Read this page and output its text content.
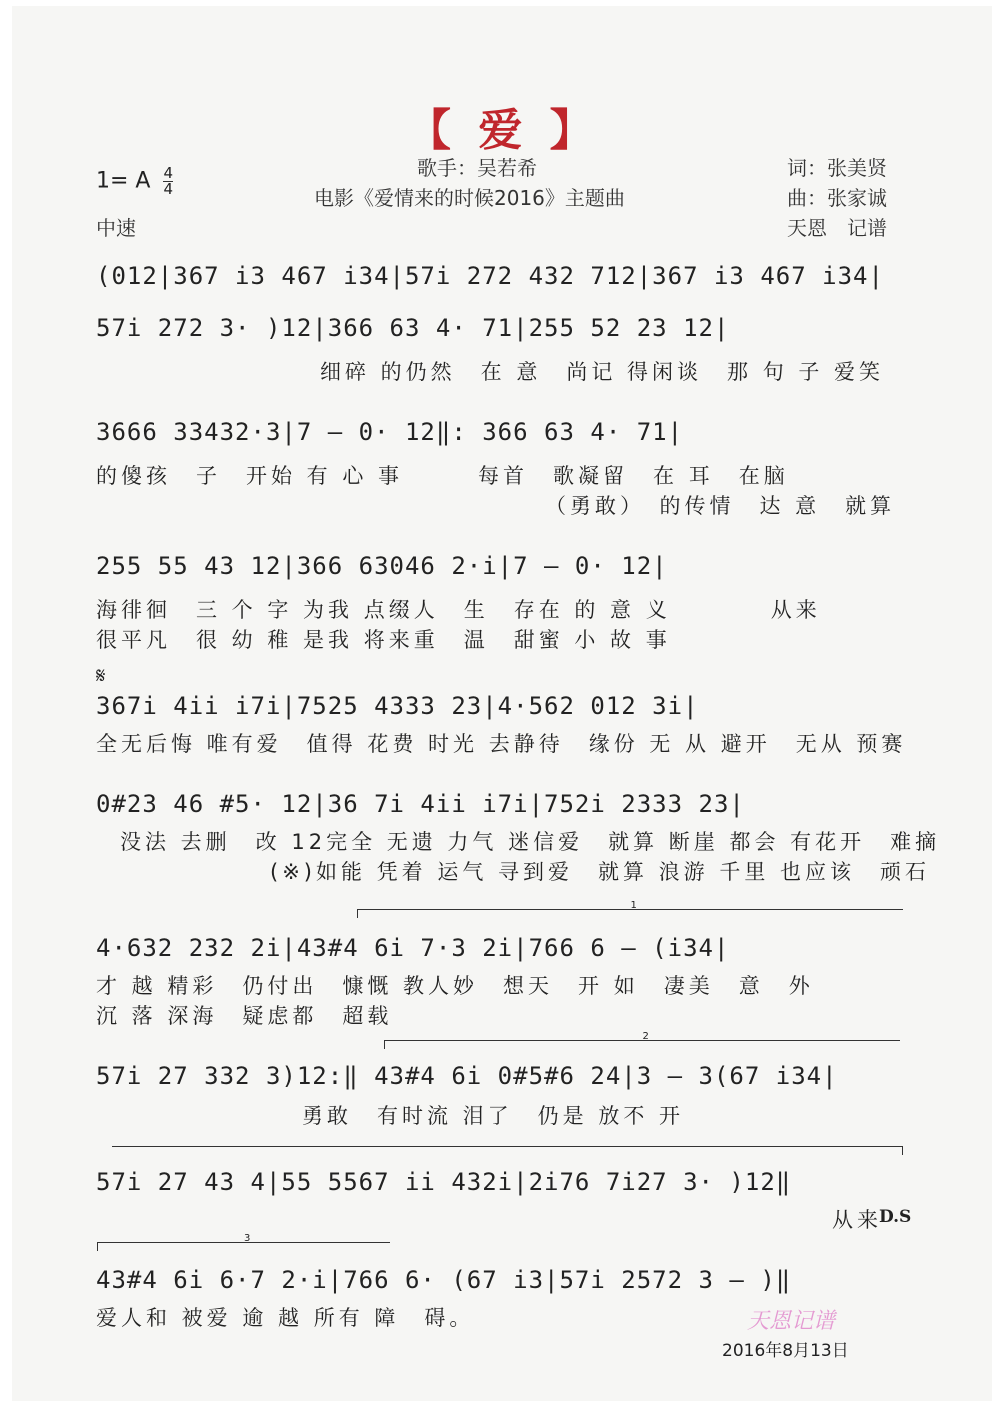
【 爱 】
歌手：吴若希
电影《爱情来的时候2016》主题曲
词：张美贤
曲：张家诚
天恩　记谱
1= A $\frac{4}{4}$
中速
(012|367 i3 467 i34|57i 272 432 712|367 i3 467 i34|
57i 272 3· )12|366 63 4· 71|255 52 23 12|
细碎 的仍然　在 意　尚记 得闲谈　那 句 子 爱笑
3666 33432·3|7 – 0· 12‖: 366 63 4· 71|
的傻孩　子　开始 有 心 事　　　每首　歌凝留　在 耳　在脑
（勇敢）　的传情　达 意　就算
255 55 43 12|366 63046 2·i|7 – 0· 12|
海徘徊　三 个 字 为我 点缀人　生　存在 的 意 义　　　　从来
很平凡　很 幼 稚 是我 将来重　温　甜蜜 小 故 事
𝄋
367i 4ii i7i|7525 4333 23|4·562 012 3i|
全无后悔 唯有爱　值得 花费 时光 去静待　缘份 无 从 避开　无从 预赛
0#23 46 #5· 12|36 7i 4ii i7i|752i 2333 23|
没法 去删　改 12完全 无遗 力气 迷信爱　就算 断崖 都会 有花开　难摘
(※)如能 凭着 运气 寻到爱　就算 浪游 千里 也应该　顽石
1
4·632 232 2i|43#4 6i 7·3 2i|766 6 – (i34|
才 越 精彩　仍付出　慷慨 教人妙　想天　开 如　凄美　意　外
沉 落 深海　疑虑都　超载
2
57i 27 332 3)12:‖ 43#4 6i 0#5#6 24|3 – 3(67 i34|
勇敢　有时流 泪了　仍是 放不 开
57i 27 43 4|55 5567 ii 432i|2i76 7i27 3· )12‖
从来
D.S
3
43#4 6i 6·7 2·i|766 6· (67 i3|57i 2572 3 – )‖
爱人和 被爱 逾 越 所有 障　碍。	天恩记谱
2016年8月13日
